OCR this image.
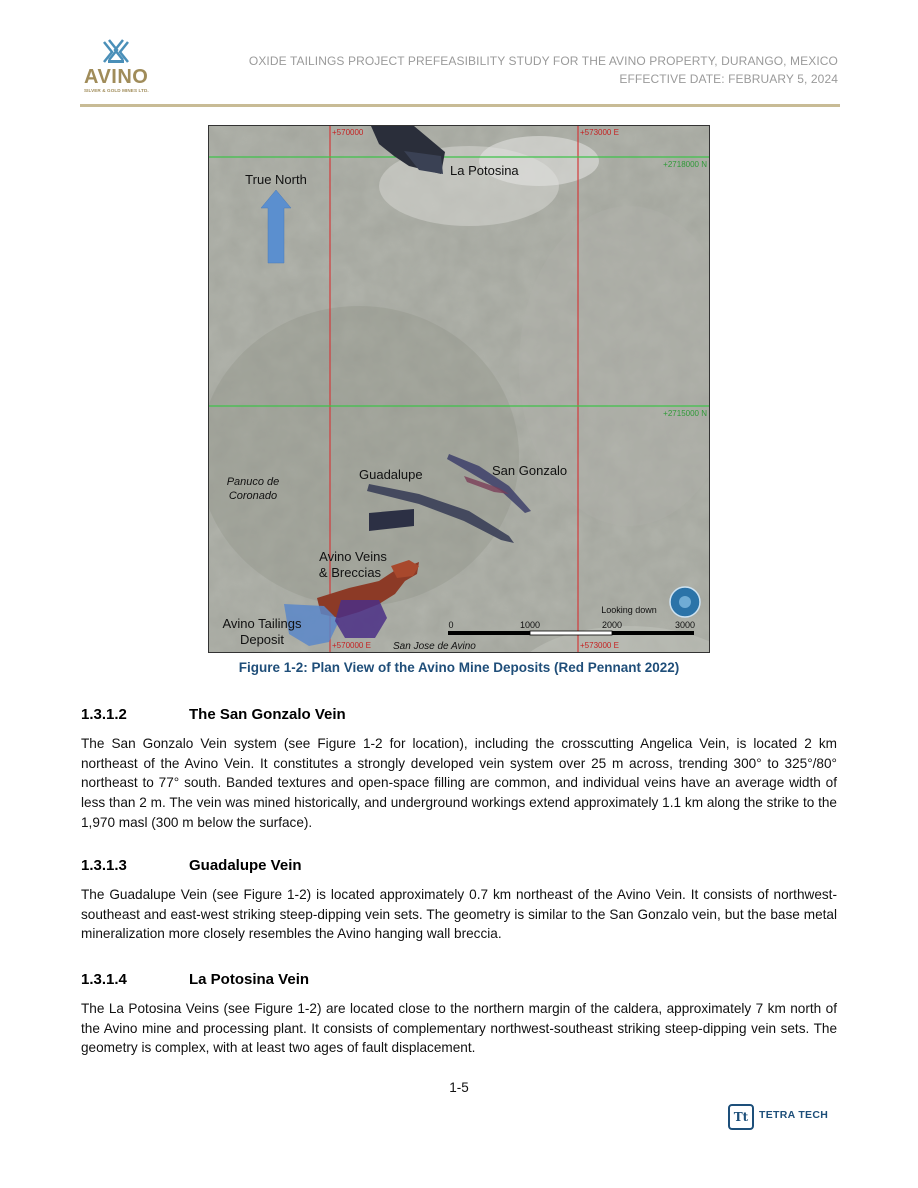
AVINO
SILVER & GOLD MINES LTD.
OXIDE TAILINGS PROJECT PREFEASIBILITY STUDY FOR THE AVINO PROPERTY, DURANGO, MEXICO
EFFECTIVE DATE: FEBRUARY 5, 2024
+570000	+573000 E
+2718000 N
+2715000 N
+570000 E	+573000 E
True North
La Potosina
Guadalupe	San Gonzalo
Panuco de
Coronado
Avino Veins
& Breccias
Avino Tailings
Deposit	San Jose de Avino
Looking down
0	1000	2000	3000
Figure 1-2: Plan View of the Avino Mine Deposits (Red Pennant 2022)
1.3.1.2	The San Gonzalo Vein
The San Gonzalo Vein system (see Figure 1-2 for location), including the crosscutting Angelica Vein, is located 2 km northeast of the Avino Vein. It constitutes a strongly developed vein system over 25 m across, trending 300° to 325°/80° northeast to 77° south. Banded textures and open-space filling are common, and individual veins have an average width of less than 2 m. The vein was mined historically, and underground workings extend approximately 1.1 km along the strike to the 1,970 masl (300 m below the surface).
1.3.1.3	Guadalupe Vein
The Guadalupe Vein (see Figure 1-2) is located approximately 0.7 km northeast of the Avino Vein. It consists of northwest-southeast and east-west striking steep-dipping vein sets. The geometry is similar to the San Gonzalo vein, but the base metal mineralization more closely resembles the Avino hanging wall breccia.
1.3.1.4	La Potosina Vein
The La Potosina Veins (see Figure 1-2) are located close to the northern margin of the caldera, approximately 7 km north of the Avino mine and processing plant. It consists of complementary northwest-southeast striking steep-dipping vein sets. The geometry is complex, with at least two ages of fault displacement.
1-5
Tt	TETRA TECH
